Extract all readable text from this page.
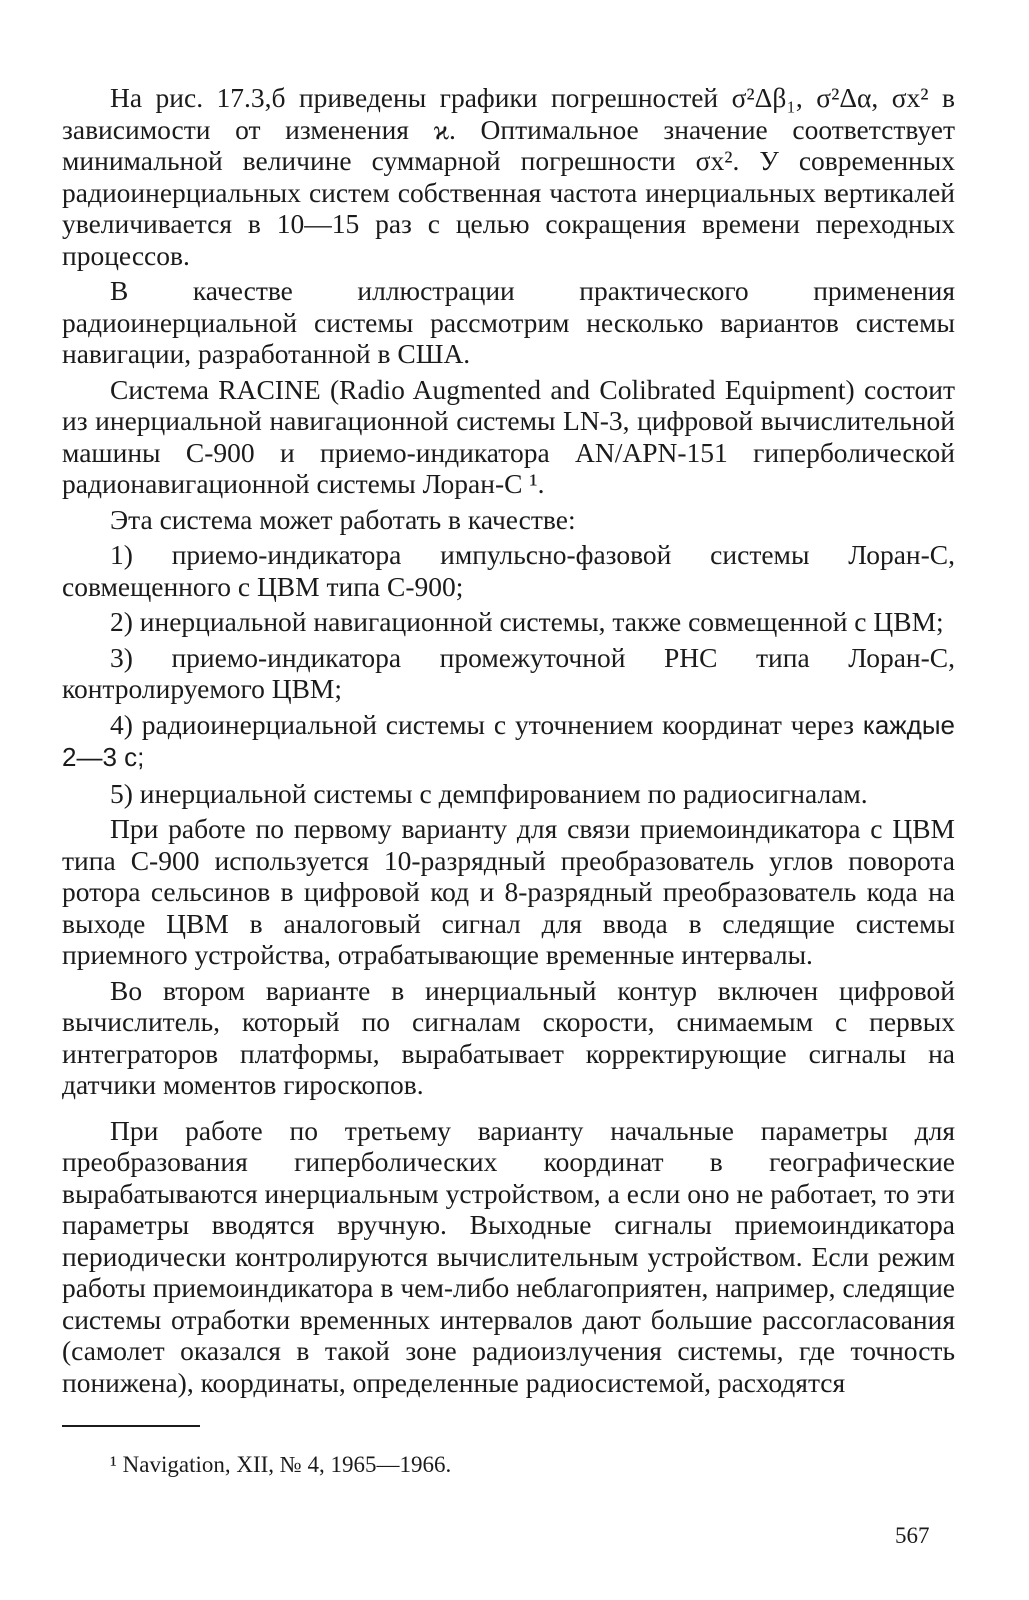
На рис. 17.3,б приведены графики погрешностей σ²Δβ₁, σ²Δα, σx² в зависимости от изменения ϰ. Оптимальное значение соответствует минимальной величине суммарной погрешности σx². У современных радиоинерциальных систем собственная частота инерциальных вертикалей увеличивается в 10—15 раз с целью сокращения времени переходных процессов.

В качестве иллюстрации практического применения радиоинерциальной системы рассмотрим несколько вариантов системы навигации, разработанной в США.

Система RACINE (Radio Augmented and Colibrated Equipment) состоит из инерциальной навигационной системы LN-3, цифровой вычислительной машины С-900 и приемо-индикатора AN/APN-151 гиперболической радионавигационной системы Лоран-С ¹.

Эта система может работать в качестве:

1) приемо-индикатора импульсно-фазовой системы Лоран-С, совмещенного с ЦВМ типа С-900;

2) инерциальной навигационной системы, также совмещенной с ЦВМ;

3) приемо-индикатора промежуточной РНС типа Лоран-С, контролируемого ЦВМ;

4) радиоинерциальной системы с уточнением координат через каждые 2—3 с;

5) инерциальной системы с демпфированием по радиосигналам.

При работе по первому варианту для связи приемоиндикатора с ЦВМ типа С-900 используется 10-разрядный преобразователь углов поворота ротора сельсинов в цифровой код и 8-разрядный преобразователь кода на выходе ЦВМ в аналоговый сигнал для ввода в следящие системы приемного устройства, отрабатывающие временные интервалы.

Во втором варианте в инерциальный контур включен цифровой вычислитель, который по сигналам скорости, снимаемым с первых интеграторов платформы, вырабатывает корректирующие сигналы на датчики моментов гироскопов.

При работе по третьему варианту начальные параметры для преобразования гиперболических координат в географические вырабатываются инерциальным устройством, а если оно не работает, то эти параметры вводятся вручную. Выходные сигналы приемоиндикатора периодически контролируются вычислительным устройством. Если режим работы приемоиндикатора в чем-либо неблагоприятен, например, следящие системы отработки временных интервалов дают большие рассогласования (самолет оказался в такой зоне радиоизлучения системы, где точность понижена), координаты, определенные радиосистемой, расходятся

¹ Navigation, XII, № 4, 1965—1966.
567
